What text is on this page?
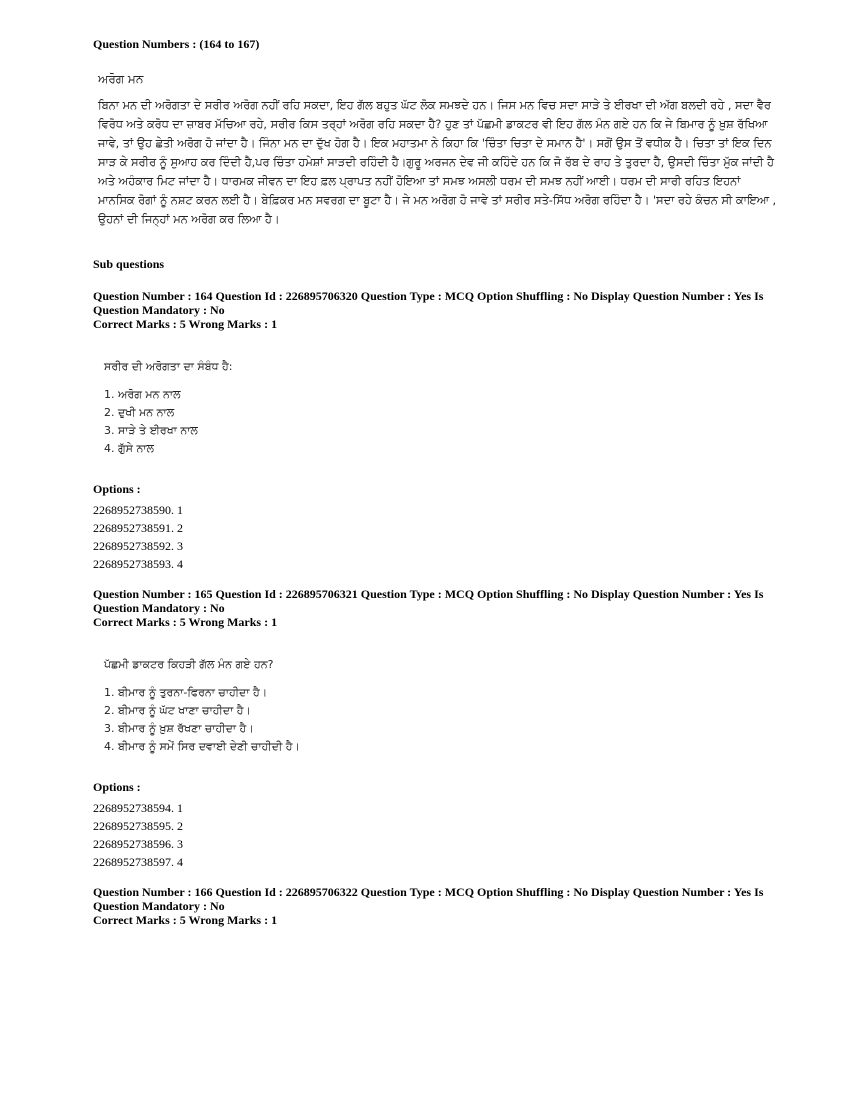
Question Numbers : (164 to 167)
ਅਰੋਗ ਮਨ
ਬਿਨਾ ਮਨ ਦੀ ਅਰੋਗਤਾ ਦੇ ਸਰੀਰ ਅਰੋਗ ਨਹੀਂ ਰਹਿ ਸਕਦਾ, ਇਹ ਗੱਲ ਬਹੁਤ ਘੱਟ ਲੋਕ ਸਮਝਦੇ ਹਨ। ਜਿਸ ਮਨ ਵਿਚ ਸਦਾ ਸਾੜੇ ਤੇ ਈਰਖਾ ਦੀ ਅੱਗ ਬਲਦੀ ਰਹੇ , ਸਦਾ ਵੈਰ ਵਿਰੋਧ ਅਤੇ ਕਰੋਧ ਦਾ ਜ਼ਾਬਰ ਮੱਚਿਆ ਰਹੇ, ਸਰੀਰ ਕਿਸ ਤਰ੍ਹਾਂ ਅਰੋਗ ਰਹਿ ਸਕਦਾ ਹੈ? ਹੁਣ ਤਾਂ ਪੱਛਮੀ ਡਾਕਟਰ ਵੀ ਇਹ ਗੱਲ ਮੰਨ ਗਏ ਹਨ ਕਿ ਜੇ ਬਿਮਾਰ ਨੂੰ ਖ਼ੁਸ਼ ਰੱਖਿਆ ਜਾਵੇ, ਤਾਂ ਉਹ ਛੇਤੀ ਅਰੋਗ ਹੋ ਜਾਂਦਾ ਹੈ। ਜਿੰਨਾ ਮਨ ਦਾ ਦੁੱਖ ਹੋਗ ਹੈ। ਇਕ ਮਹਾਤਮਾ ਨੇ ਕਿਹਾ ਕਿ 'ਚਿੰਤਾ ਚਿਤਾ ਦੇ ਸਮਾਨ ਹੈ'। ਸਗੋਂ ਉਸ ਤੋਂ ਵਧੀਕ ਹੈ। ਚਿਤਾ ਤਾਂ ਇਕ ਦਿਨ ਸਾੜ ਕੇ ਸਰੀਰ ਨੂੰ ਸੁਆਹ ਕਰ ਦਿੰਦੀ ਹੈ,ਪਰ ਚਿੰਤਾ ਹਮੇਸ਼ਾਂ ਸਾੜਦੀ ਰਹਿੰਦੀ ਹੈ।ਗੁਰੂ ਅਰਜਨ ਦੇਵ ਜੀ ਕਹਿੰਦੇ ਹਨ ਕਿ ਜੋ ਰੱਬ ਦੇ ਰਾਹ ਤੇ ਤੁਰਦਾ ਹੈ, ਉਸਦੀ ਚਿੰਤਾ ਮੁੱਕ ਜਾਂਦੀ ਹੈ ਅਤੇ ਅਹੰਕਾਰ ਮਿਟ ਜਾਂਦਾ ਹੈ। ਧਾਰਮਕ ਜੀਵਨ ਦਾ ਇਹ ਫ਼ਲ ਪ੍ਰਾਪਤ ਨਹੀਂ ਹੋਇਆ ਤਾਂ ਸਮਝ ਅਸਲੀ ਧਰਮ ਦੀ ਸਮਝ ਨਹੀਂ ਆਈ। ਧਰਮ ਦੀ ਸਾਰੀ ਰਹਿਤ ਇਹਨਾਂ ਮਾਨਸਿਕ ਰੋਗਾਂ ਨੂੰ ਨਸ਼ਟ ਕਰਨ ਲਈ ਹੈ। ਬੇਫ਼ਿਕਰ ਮਨ ਸਵਰਗ ਦਾ ਬੂਟਾ ਹੈ। ਜੇ ਮਨ ਅਰੋਗ ਹੋ ਜਾਵੇ ਤਾਂ ਸਰੀਰ ਸਤੇ-ਸਿੱਧ ਅਰੋਗ ਰਹਿੰਦਾ ਹੈ। 'ਸਦਾ ਰਹੇ ਕੰਚਨ ਸੀ ਕਾਇਆ , ਉਹਨਾਂ ਦੀ ਜਿਨ੍ਹਾਂ ਮਨ ਅਰੋਗ ਕਰ ਲਿਆ ਹੈ।
Sub questions
Question Number : 164 Question Id : 226895706320 Question Type : MCQ Option Shuffling : No Display Question Number : Yes Is
Question Mandatory : No
Correct Marks : 5 Wrong Marks : 1
ਸਰੀਰ ਦੀ ਅਰੋਗਤਾ ਦਾ ਸੰਬੰਧ ਹੈ:
1. ਅਰੋਗ ਮਨ ਨਾਲ
2. ਦੁਖੀ ਮਨ ਨਾਲ
3. ਸਾੜੇ ਤੇ ਈਰਖਾ ਨਾਲ
4. ਗੁੱਸੇ ਨਾਲ
Options :
2268952738590. 1
2268952738591. 2
2268952738592. 3
2268952738593. 4
Question Number : 165 Question Id : 226895706321 Question Type : MCQ Option Shuffling : No Display Question Number : Yes Is
Question Mandatory : No
Correct Marks : 5 Wrong Marks : 1
ਪੱਛਮੀ ਡਾਕਟਰ ਕਿਹੜੀ ਗੱਲ ਮੰਨ ਗਏ ਹਨ?
1. ਬੀਮਾਰ ਨੂੰ ਤੁਰਨਾ-ਫਿਰਨਾ ਚਾਹੀਦਾ ਹੈ।
2. ਬੀਮਾਰ ਨੂੰ ਘੱਟ ਖਾਣਾ ਚਾਹੀਦਾ ਹੈ।
3. ਬੀਮਾਰ ਨੂੰ ਖ਼ੁਸ਼ ਰੱਖਣਾ ਚਾਹੀਦਾ ਹੈ।
4. ਬੀਮਾਰ ਨੂੰ ਸਮੇਂ ਸਿਰ ਦਵਾਈ ਦੇਣੀ ਚਾਹੀਦੀ ਹੈ।
Options :
2268952738594. 1
2268952738595. 2
2268952738596. 3
2268952738597. 4
Question Number : 166 Question Id : 226895706322 Question Type : MCQ Option Shuffling : No Display Question Number : Yes Is
Question Mandatory : No
Correct Marks : 5 Wrong Marks : 1
